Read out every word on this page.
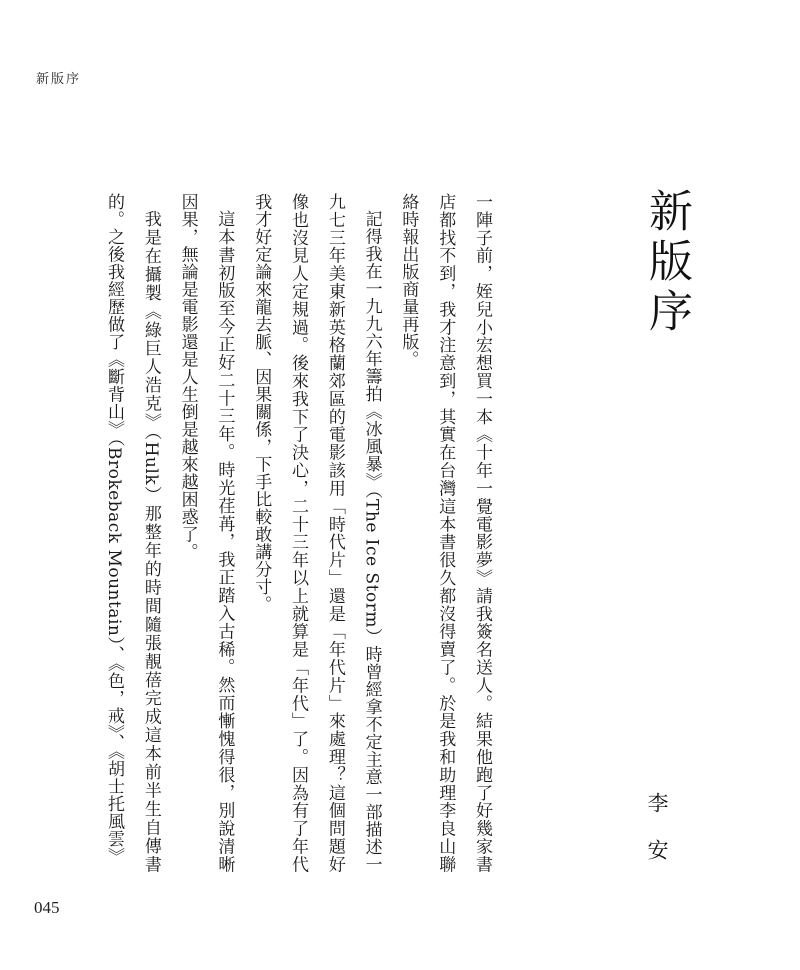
新版序
新版序
李安

一陣子前，姪兒小宏想買一本《十年一覺電影夢》請我簽名送人。結果他跑了好幾家書店都找不到，我才注意到，其實在台灣這本書很久都沒得賣了。於是我和助理李良山聯絡時報出版商量再版。

記得我在一九九六年籌拍《冰風暴》（The Ice Storm）時曾經拿不定主意一部描述一九七三年美東新英格蘭郊區的電影該用「時代片」還是「年代片」來處理？這個問題好像也沒見人定規過。後來我下了決心，二十三年以上就算是「年代」了。因為有了年代我才好定論來龍去脈、因果關係，下手比較敢講分寸。

這本書初版至今正好二十三年。時光荏苒，我正踏入古稀。然而慚愧得很，別說清晰因果，無論是電影還是人生倒是越來越困惑了。

我是在攝製《綠巨人浩克》（Hulk）那整年的時間隨張靚蓓完成這本前半生自傳書的。之後我經歷做了《斷背山》（Brokeback Mountain）、《色，戒》、《胡士托風雲》

045
